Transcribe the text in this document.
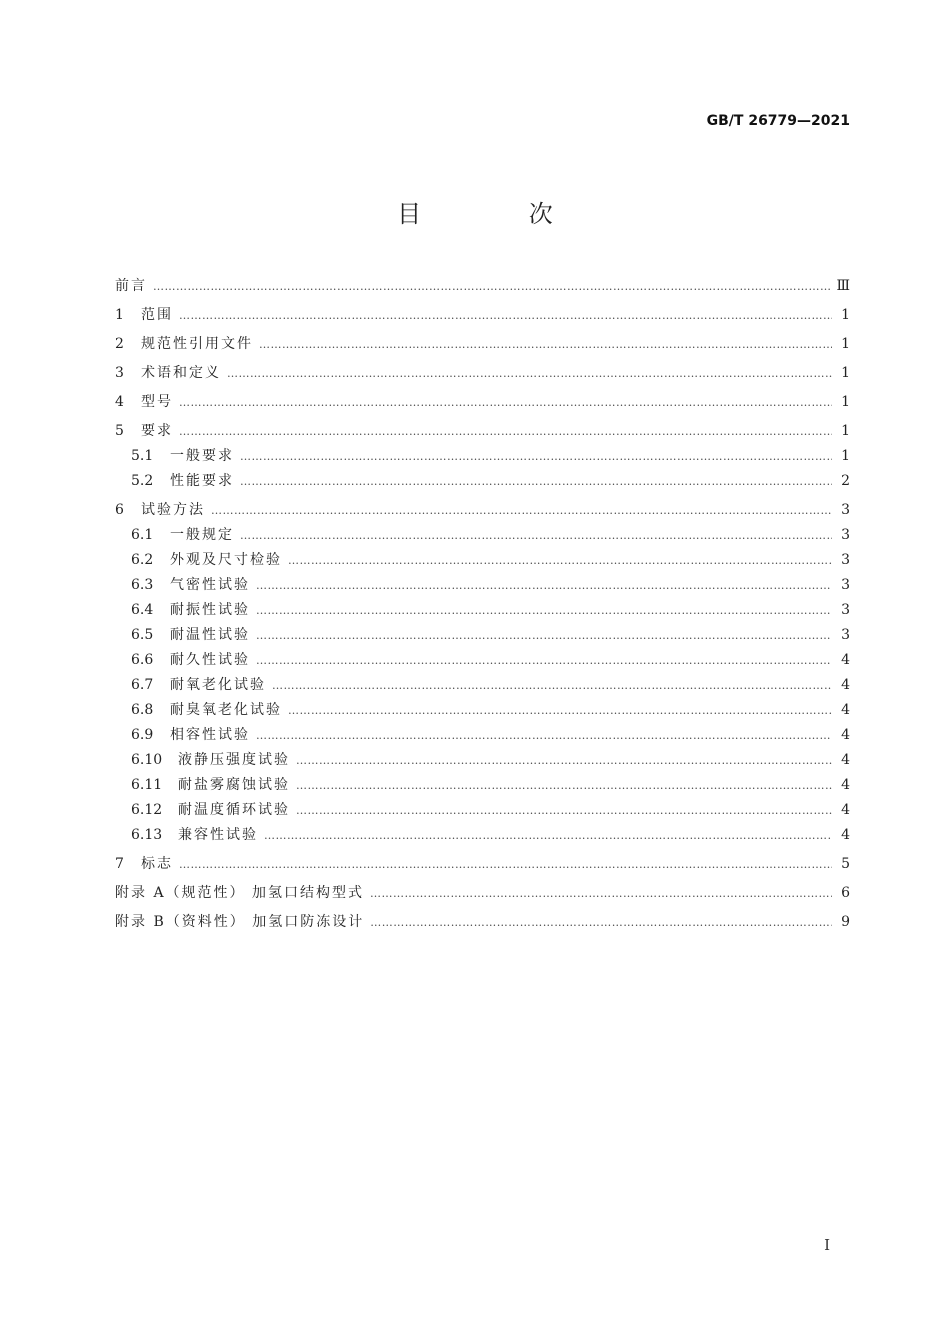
GB/T 26779—2021
目 次
前言 ……………………………………………………………………………………………………………………………………………………………………………………………………………………………	Ⅲ
1	范围 ……………………………………………………………………………………………………………………………………………………………………………………………………………………………	1
2	规范性引用文件 ……………………………………………………………………………………………………………………………………………………………………………………………………………………………	1
3	术语和定义 ……………………………………………………………………………………………………………………………………………………………………………………………………………………………	1
4	型号 ……………………………………………………………………………………………………………………………………………………………………………………………………………………………	1
5	要求 ……………………………………………………………………………………………………………………………………………………………………………………………………………………………	1
5.1	一般要求 ……………………………………………………………………………………………………………………………………………………………………………………………………………………………	1
5.2	性能要求 ……………………………………………………………………………………………………………………………………………………………………………………………………………………………	2
6	试验方法 ……………………………………………………………………………………………………………………………………………………………………………………………………………………………	3
6.1	一般规定 ……………………………………………………………………………………………………………………………………………………………………………………………………………………………	3
6.2	外观及尺寸检验 ……………………………………………………………………………………………………………………………………………………………………………………………………………………………	3
6.3	气密性试验 ……………………………………………………………………………………………………………………………………………………………………………………………………………………………	3
6.4	耐振性试验 ……………………………………………………………………………………………………………………………………………………………………………………………………………………………	3
6.5	耐温性试验 ……………………………………………………………………………………………………………………………………………………………………………………………………………………………	3
6.6	耐久性试验 ……………………………………………………………………………………………………………………………………………………………………………………………………………………………	4
6.7	耐氧老化试验 ……………………………………………………………………………………………………………………………………………………………………………………………………………………………	4
6.8	耐臭氧老化试验 ……………………………………………………………………………………………………………………………………………………………………………………………………………………………	4
6.9	相容性试验 ……………………………………………………………………………………………………………………………………………………………………………………………………………………………	4
6.10	液静压强度试验 ……………………………………………………………………………………………………………………………………………………………………………………………………………………………	4
6.11	耐盐雾腐蚀试验 ……………………………………………………………………………………………………………………………………………………………………………………………………………………………	4
6.12	耐温度循环试验 ……………………………………………………………………………………………………………………………………………………………………………………………………………………………	4
6.13	兼容性试验 ……………………………………………………………………………………………………………………………………………………………………………………………………………………………	4
7	标志 ……………………………………………………………………………………………………………………………………………………………………………………………………………………………	5
附录 A（规范性） 加氢口结构型式 ……………………………………………………………………………………………………………………………………………………………………………………………………………………………	6
附录 B（资料性） 加氢口防冻设计 ……………………………………………………………………………………………………………………………………………………………………………………………………………………………	9
I
